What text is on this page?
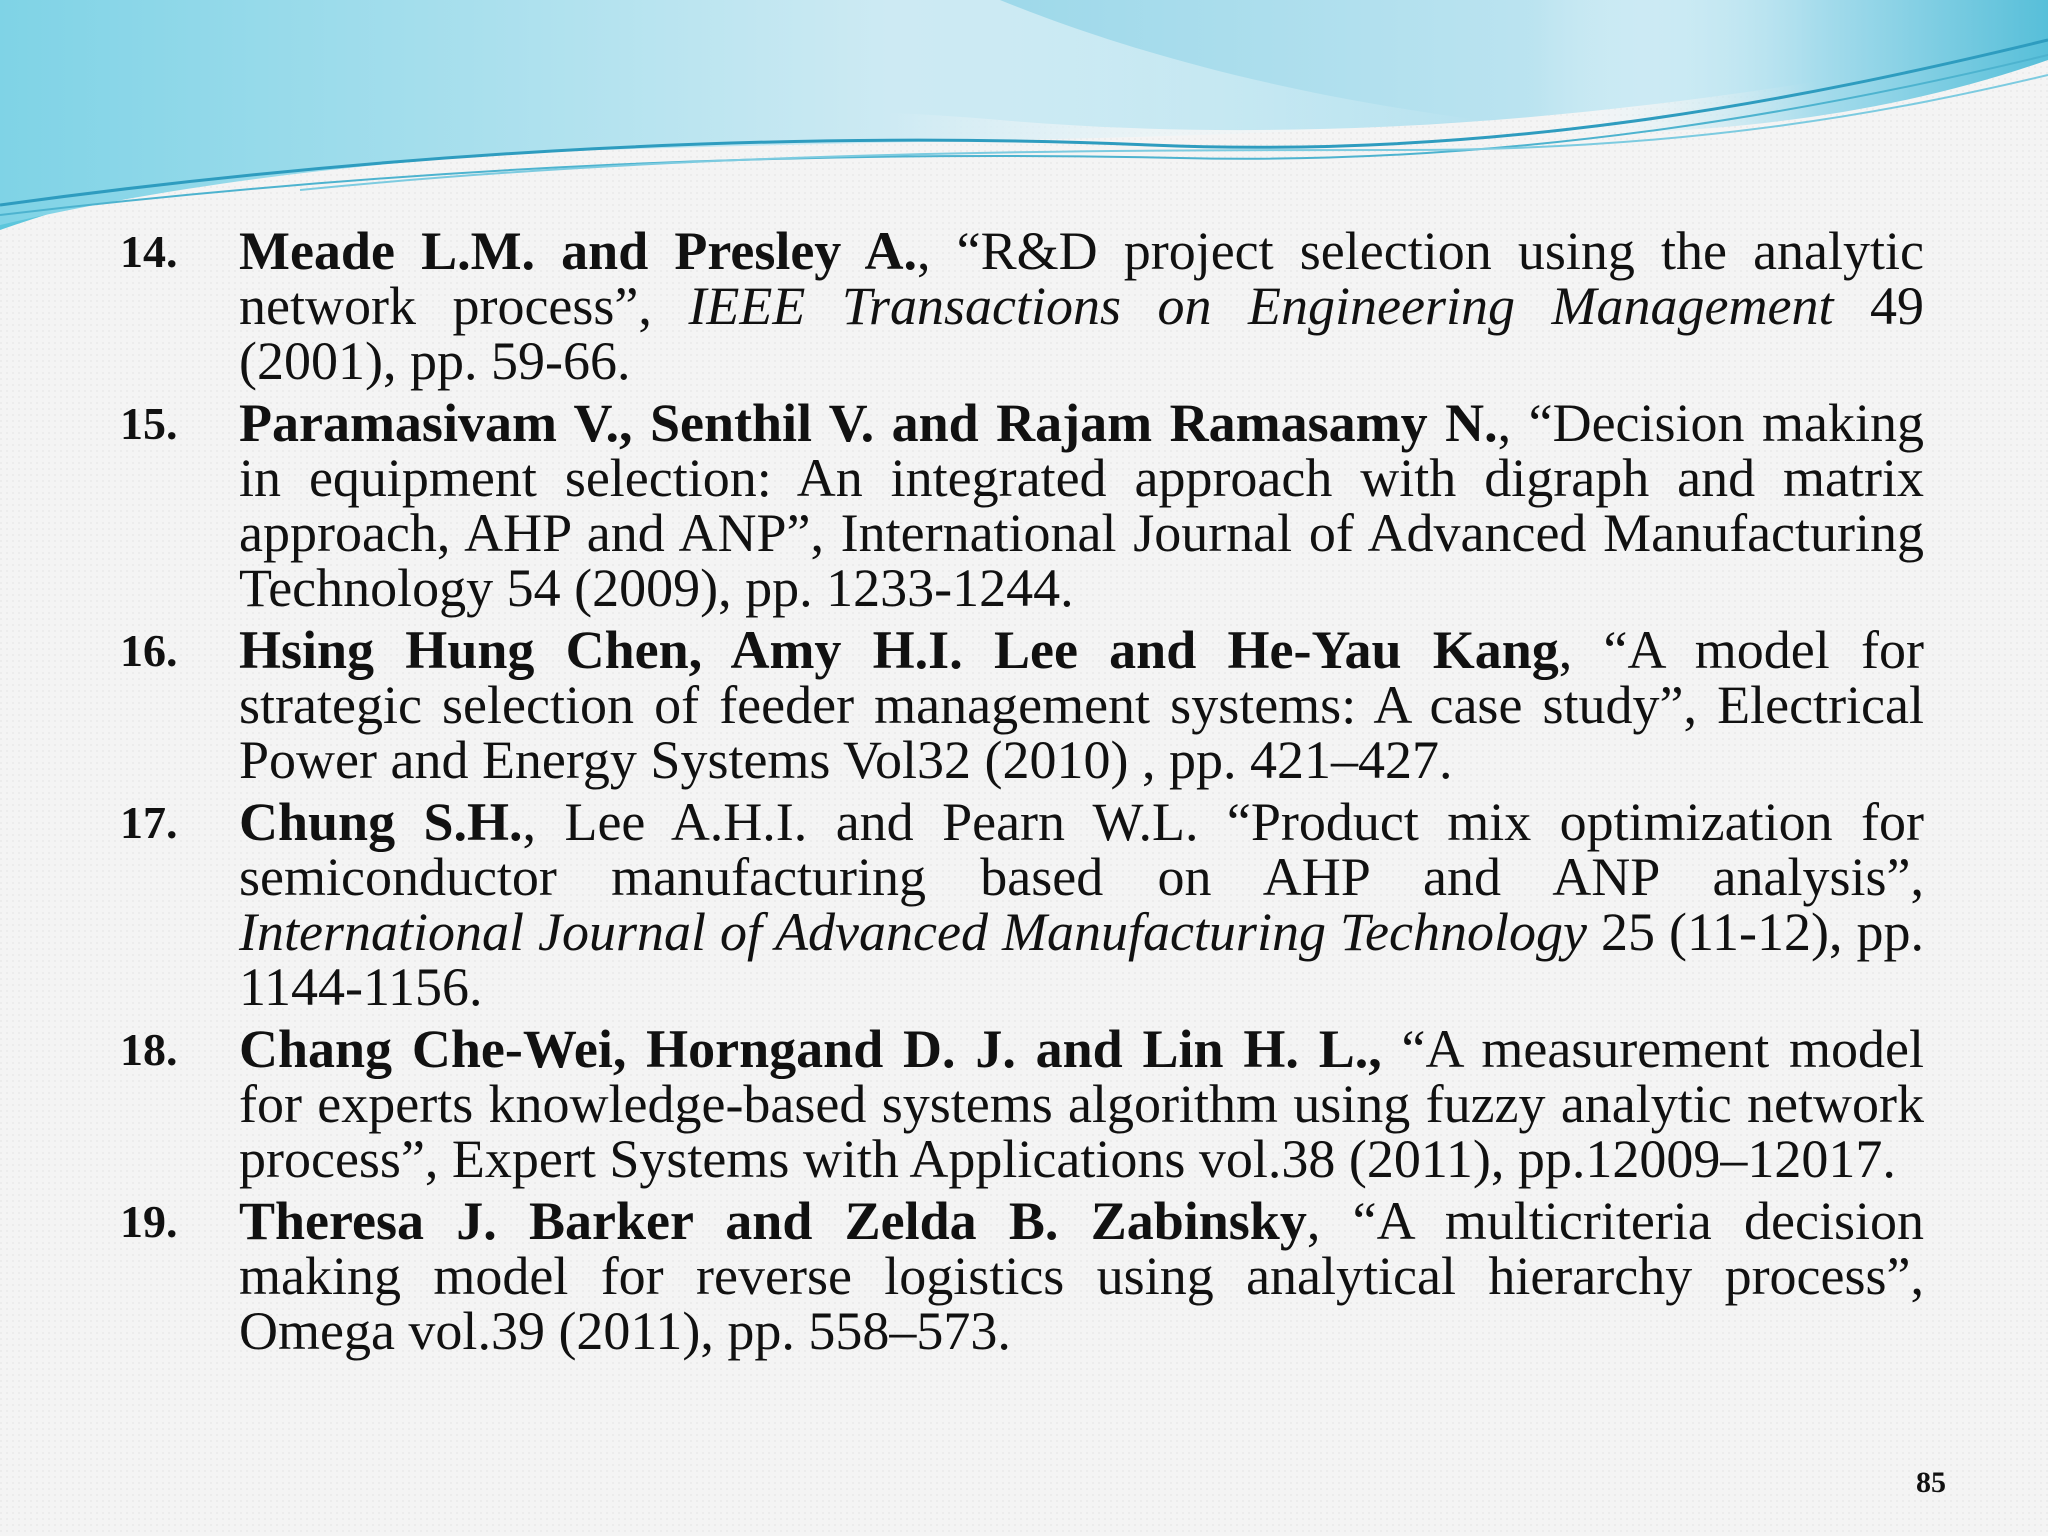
14. Meade L.M. and Presley A., “R&D project selection using the analytic network process”, IEEE Transactions on Engineering Management 49 (2001), pp. 59-66.
15. Paramasivam V., Senthil V. and Rajam Ramasamy N., “Decision making in equipment selection: An integrated approach with digraph and matrix approach, AHP and ANP”, International Journal of Advanced Manufacturing Technology 54 (2009), pp. 1233-1244.
16. Hsing Hung Chen, Amy H.I. Lee and He-Yau Kang, “A model for strategic selection of feeder management systems: A case study”, Electrical Power and Energy Systems Vol32 (2010) , pp. 421–427.
17. Chung S.H., Lee A.H.I. and Pearn W.L. “Product mix optimization for semiconductor manufacturing based on AHP and ANP analysis”, International Journal of Advanced Manufacturing Technology 25 (11-12), pp. 1144-1156.
18. Chang Che-Wei, Horngand D. J. and Lin H. L., “A measurement model for experts knowledge-based systems algorithm using fuzzy analytic network process”, Expert Systems with Applications vol.38 (2011), pp.12009–12017.
19. Theresa J. Barker and Zelda B. Zabinsky, “A multicriteria decision making model for reverse logistics using analytical hierarchy process”, Omega vol.39 (2011), pp. 558–573.
85
